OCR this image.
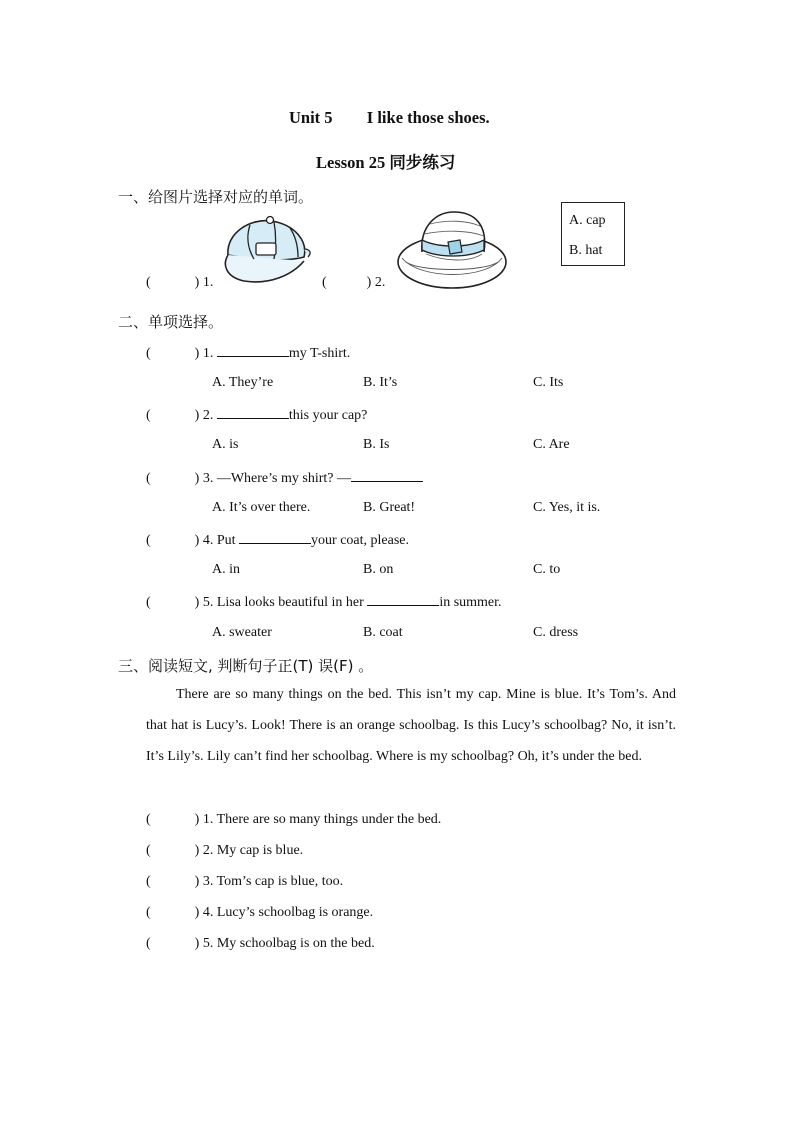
Unit 5 I like those shoes.
Lesson 25 同步练习
一、给图片选择对应的单词。
(	) 1.	(	) 2.
A. cap
B. hat
二、单项选择。
(	) 1.	my T-shirt.
A. They’re	B. It’s	C. Its
(	) 2.	this your cap?
A. is	B. Is	C. Are
(	) 3. —Where’s my shirt? —
A. It’s over there.	B. Great!	C. Yes, it is.
(	) 4. Put	your coat, please.
A. in	B. on	C. to
(	) 5. Lisa looks beautiful in her	in summer.
A. sweater	B. coat	C. dress
三、阅读短文, 判断句子正(T) 误(F) 。

There are so many things on the bed. This isn’t my cap. Mine is blue. It’s Tom’s. And that hat is Lucy’s. Look! There is an orange schoolbag. Is this Lucy’s schoolbag? No, it isn’t. It’s Lily’s. Lily can’t find her schoolbag. Where is my schoolbag? Oh, it’s under the bed.

(	) 1. There are so many things under the bed.
(	) 2. My cap is blue.
(	) 3. Tom’s cap is blue, too.
(	) 4. Lucy’s schoolbag is orange.
(	) 5. My schoolbag is on the bed.
